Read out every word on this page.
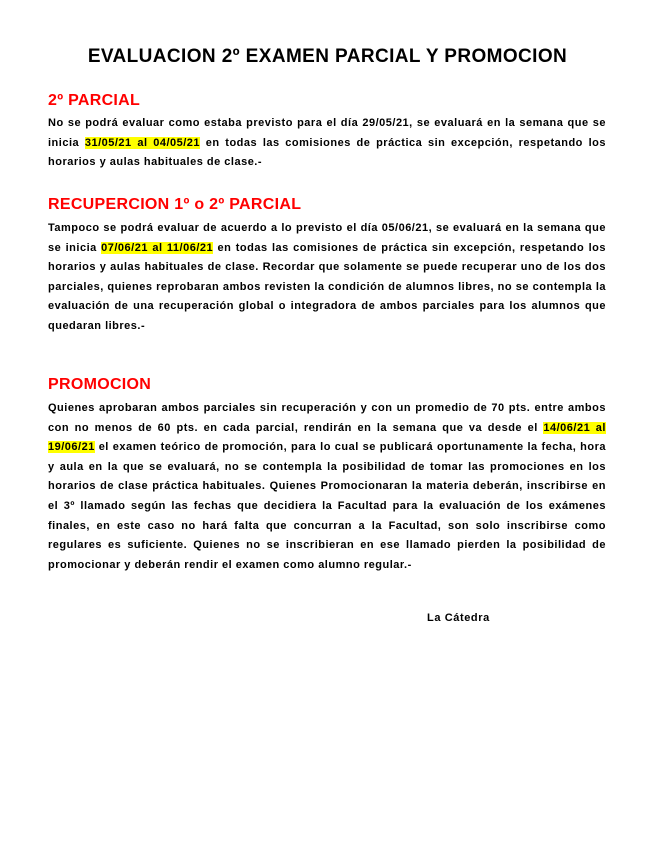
EVALUACION 2º EXAMEN PARCIAL Y PROMOCION
2º PARCIAL

No se podrá evaluar como estaba previsto para el día 29/05/21, se evaluará en la semana que se inicia 31/05/21 al 04/05/21 en todas las comisiones de práctica sin excepción, respetando los horarios y aulas habituales de clase.-

RECUPERCION 1º o 2º PARCIAL

Tampoco se podrá evaluar de acuerdo a lo previsto el día 05/06/21, se evaluará en la semana que se inicia 07/06/21 al 11/06/21 en todas las comisiones de práctica sin excepción, respetando los horarios y aulas habituales de clase. Recordar que solamente se puede recuperar uno de los dos parciales, quienes reprobaran ambos revisten la condición de alumnos libres, no se contempla la evaluación de una recuperación global o integradora de ambos parciales para los alumnos que quedaran libres.-

PROMOCION

Quienes aprobaran ambos parciales sin recuperación y con un promedio de 70 pts. entre ambos con no menos de 60 pts. en cada parcial, rendirán en la semana que va desde el 14/06/21 al 19/06/21 el examen teórico de promoción, para lo cual se publicará oportunamente la fecha, hora y aula en la que se evaluará, no se contempla la posibilidad de tomar las promociones en los horarios de clase práctica habituales. Quienes Promocionaran la materia deberán, inscribirse en el 3º llamado según las fechas que decidiera la Facultad para la evaluación de los exámenes finales, en este caso no hará falta que concurran a la Facultad, son solo inscribirse como regulares es suficiente. Quienes no se inscribieran en ese llamado pierden la posibilidad de promocionar y deberán rendir el examen como alumno regular.-

La Cátedra
